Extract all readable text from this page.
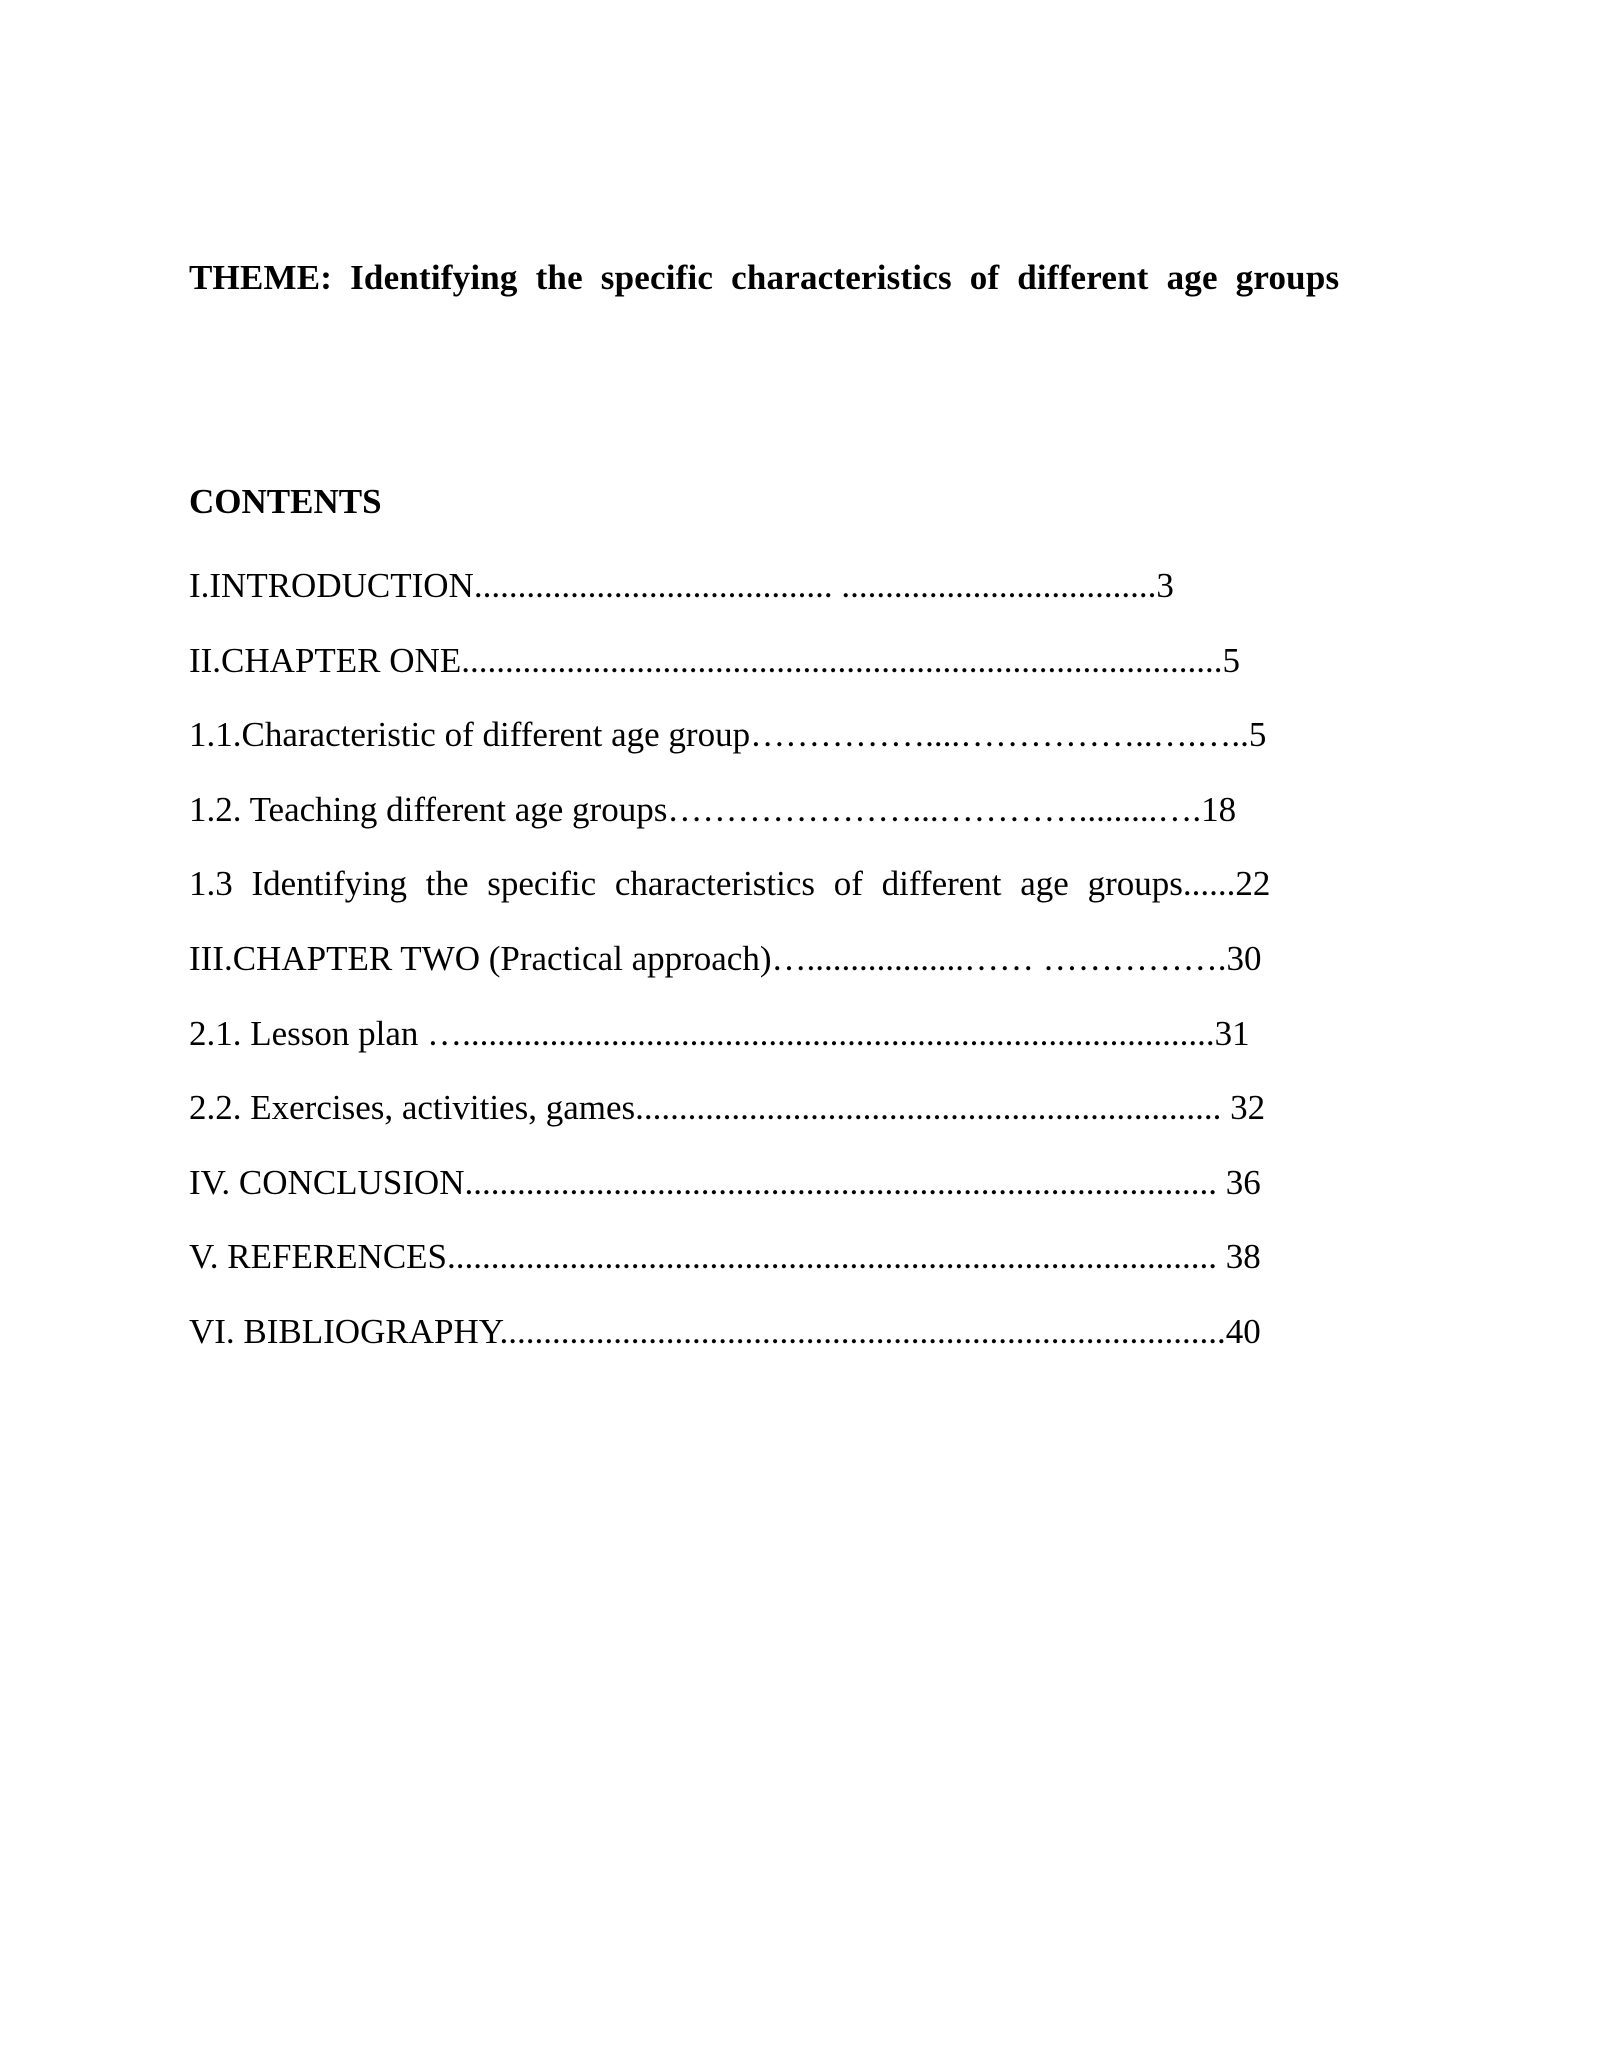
THEME: Identifying the specific characteristics of different age groups
CONTENTS
I.INTRODUCTION......................................... ....................................3
II.CHAPTER ONE.......................................................................................5
1.1.Characteristic of different age group……………....……………..….…..5
1.2. Teaching different age groups…………………...………….........….18
1.3 Identifying the specific characteristics of different age groups......22
III.CHAPTER TWO (Practical approach)…..................…… …………….30
2.1. Lesson plan …......................................................................................31
2.2. Exercises, activities, games................................................................... 32
IV. CONCLUSION...................................................................................... 36
V. REFERENCES........................................................................................ 38
VI. BIBLIOGRAPHY...................................................................................40
